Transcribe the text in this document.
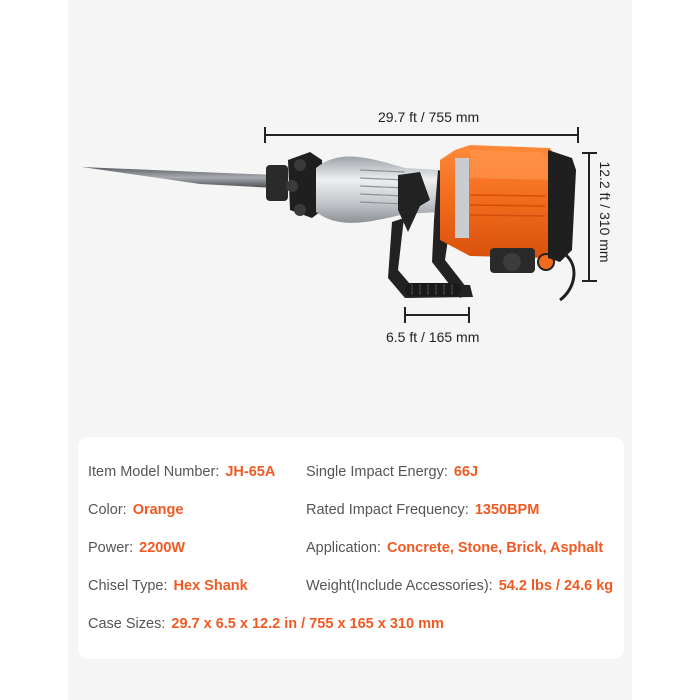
29.7 ft / 755 mm
6.5 ft / 165 mm
12.2 ft / 310 mm
Item Model Number: JH-65A
Color: Orange
Power: 2200W
Chisel Type: Hex Shank
Case Sizes: 29.7 x 6.5 x 12.2 in / 755 x 165 x 310 mm
Single Impact Energy: 66J
Rated Impact Frequency: 1350BPM
Application: Concrete, Stone, Brick, Asphalt
Weight(Include Accessories): 54.2 lbs / 24.6 kg
